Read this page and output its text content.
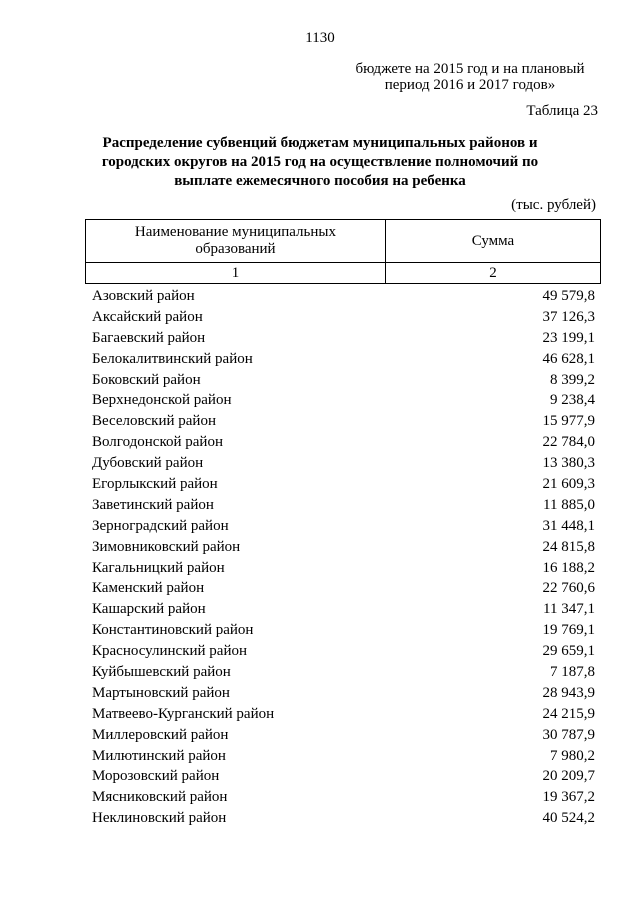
1130
бюджете на 2015 год и на плановый
период 2016 и 2017 годов»
Таблица 23
Распределение субвенций бюджетам муниципальных районов и городских округов на 2015 год на осуществление полномочий по выплате ежемесячного пособия на ребенка
(тыс. рублей)
Наименование муниципальных
образований	Сумма
1	2
Азовский район	49 579,8
Аксайский район	37 126,3
Багаевский район	23 199,1
Белокалитвинский район	46 628,1
Боковский район	8 399,2
Верхнедонской район	9 238,4
Веселовский район	15 977,9
Волгодонской район	22 784,0
Дубовский район	13 380,3
Егорлыкский район	21 609,3
Заветинский район	11 885,0
Зерноградский район	31 448,1
Зимовниковский район	24 815,8
Кагальницкий район	16 188,2
Каменский район	22 760,6
Кашарский район	11 347,1
Константиновский район	19 769,1
Красносулинский район	29 659,1
Куйбышевский район	7 187,8
Мартыновский район	28 943,9
Матвеево-Курганский район	24 215,9
Миллеровский район	30 787,9
Милютинский район	7 980,2
Морозовский район	20 209,7
Мясниковский район	19 367,2
Неклиновский район	40 524,2
